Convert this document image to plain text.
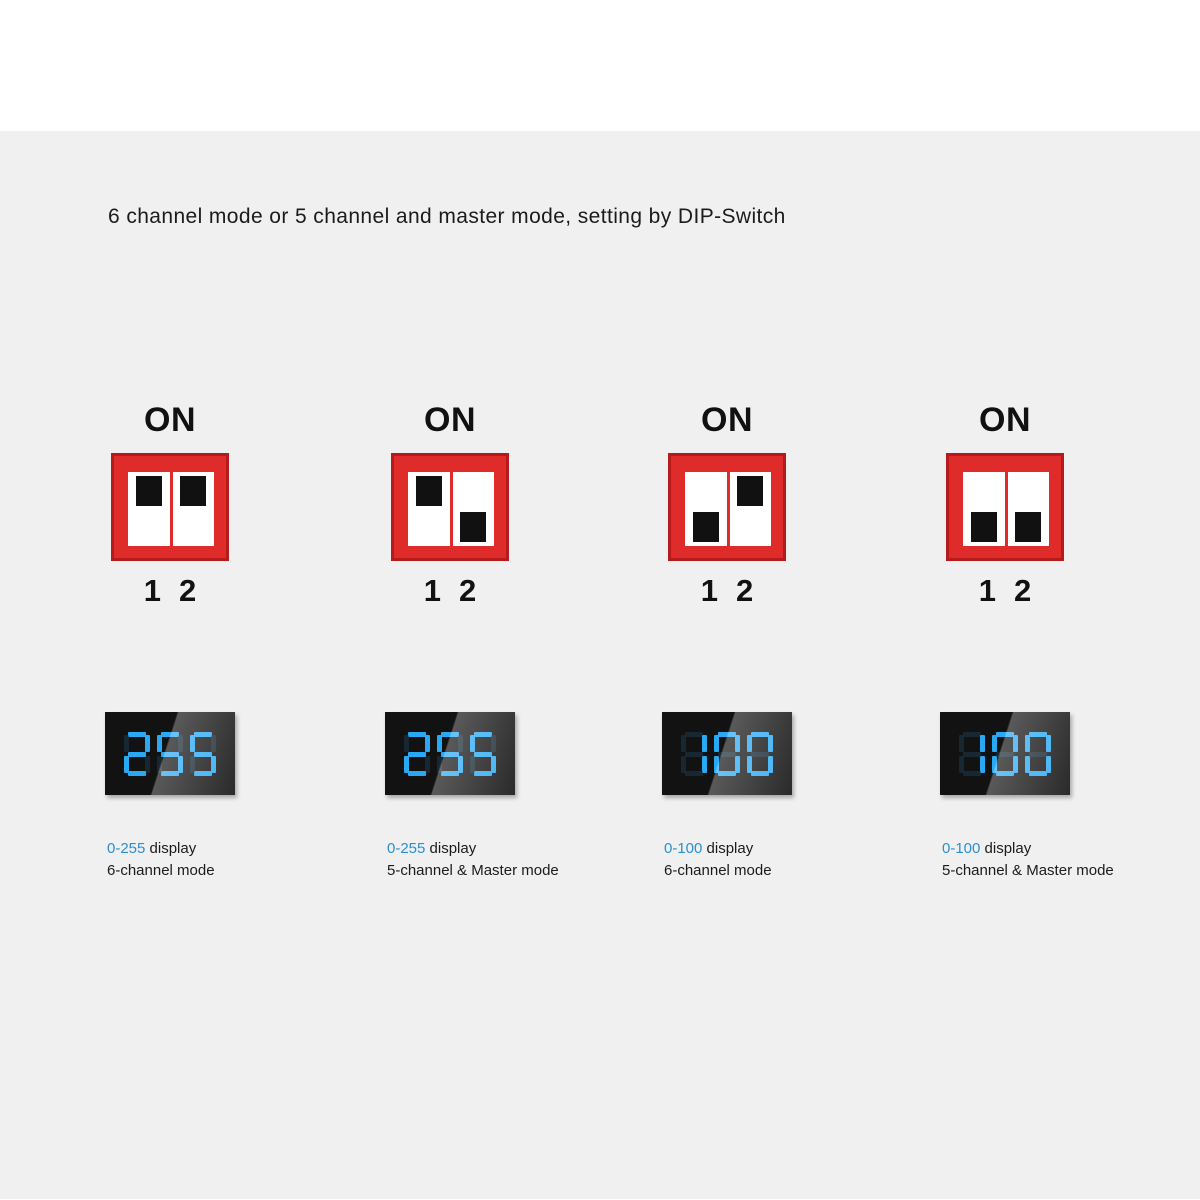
6 channel mode or 5 channel and master mode, setting by DIP-Switch
ON
12
0-255 display
6-channel mode
ON
12
0-255 display
5-channel & Master mode
ON
12
0-100 display
6-channel mode
ON
12
0-100 display
5-channel & Master mode
